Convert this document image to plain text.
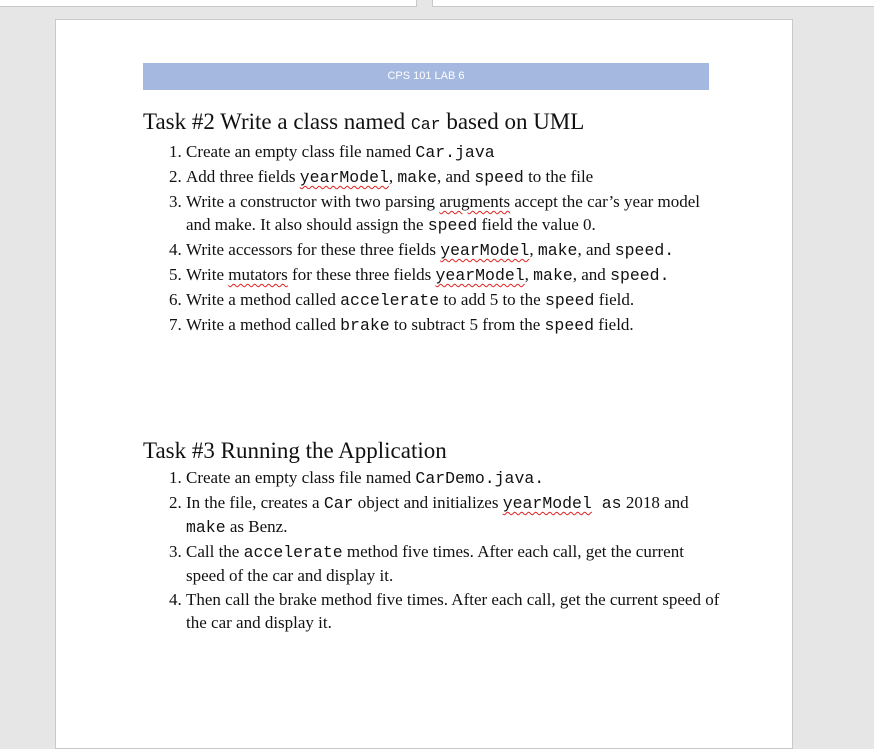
CPS 101 LAB 6
Task #2 Write a class named Car based on UML
1. Create an empty class file named Car.java
2. Add three fields yearModel, make, and speed to the file
3. Write a constructor with two parsing arugments accept the car’s year model and make. It also should assign the speed field the value 0.
4. Write accessors for these three fields yearModel, make, and speed.
5. Write mutators for these three fields yearModel, make, and speed.
6. Write a method called accelerate to add 5 to the speed field.
7. Write a method called brake to subtract 5 from the speed field.
Task #3 Running the Application
1. Create an empty class file named CarDemo.java.
2. In the file, creates a Car object and initializes yearModel as 2018 and make as Benz.
3. Call the accelerate method five times. After each call, get the current speed of the car and display it.
4. Then call the brake method five times. After each call, get the current speed of the car and display it.
